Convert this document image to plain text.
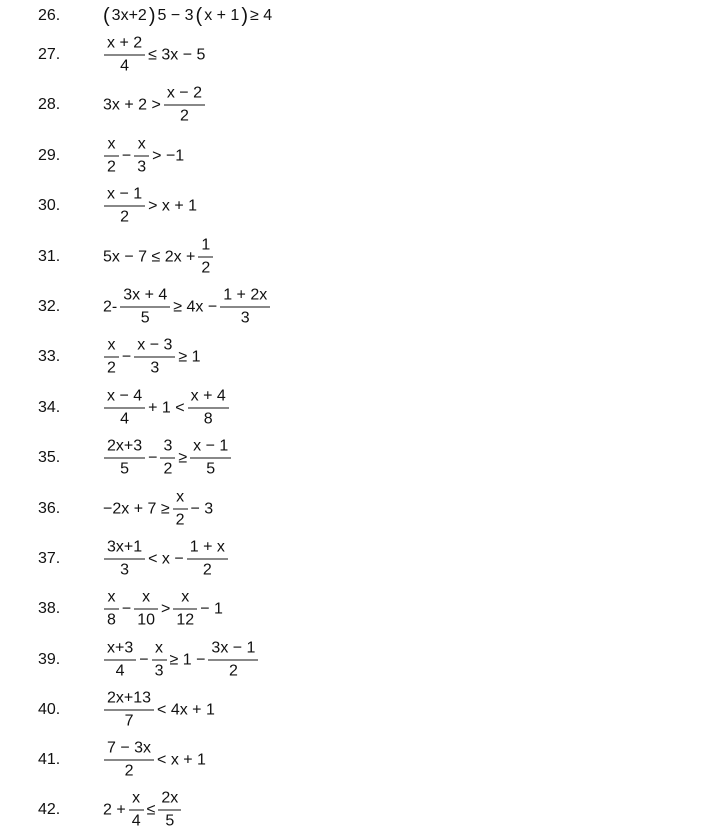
26. ( 3x+2 ) 5 − 3 ( x + 1 ) ≥ 4
27.	$\frac{x + 2}{4} \le 3x - 5$
28.	$3x + 2 > \frac{x - 2}{2}$
29.	$\frac{x}{2} - \frac{x}{3} > -1$
30.	$\frac{x - 1}{2} > x + 1$
31.	$5x - 7 \le 2x + \frac{1}{2}$
32.	$2- \frac{3x + 4}{5} \ge 4x - \frac{1 + 2x}{3}$
33.	$\frac{x}{2} - \frac{x - 3}{3} \ge 1$
34.	$\frac{x - 4}{4} + 1 < \frac{x + 4}{8}$
35.	$\frac{2x+3}{5} - \frac{3}{2} \ge \frac{x - 1}{5}$
36.	$-2x + 7 \ge \frac{x}{2} - 3$
37.	$\frac{3x+1}{3} < x - \frac{1 + x}{2}$
38.	$\frac{x}{8} - \frac{x}{10} > \frac{x}{12} - 1$
39.	$\frac{x+3}{4} - \frac{x}{3} \ge 1 - \frac{3x - 1}{2}$
40.	$\frac{2x+13}{7} < 4x + 1$
41.	$\frac{7 - 3x}{2} < x + 1$
42.	$2 + \frac{x}{4} \le \frac{2x}{5}$
